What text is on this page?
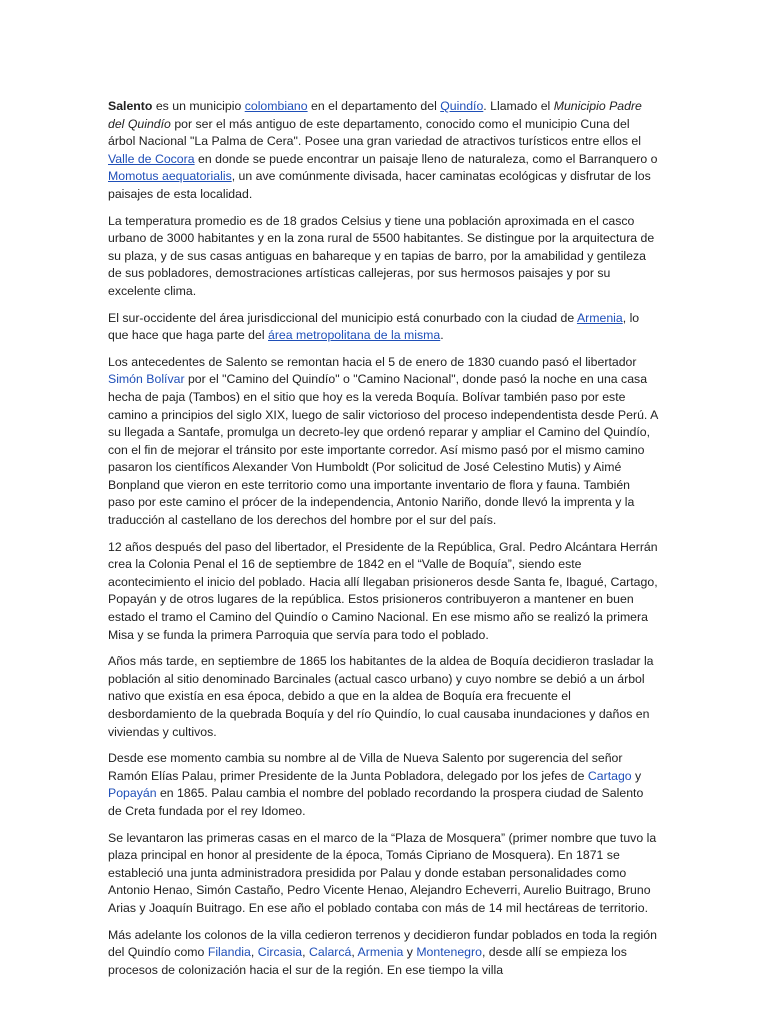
Salento es un municipio colombiano en el departamento del Quindío. Llamado el Municipio Padre del Quindío por ser el más antiguo de este departamento, conocido como el municipio Cuna del árbol Nacional "La Palma de Cera". Posee una gran variedad de atractivos turísticos entre ellos el Valle de Cocora en donde se puede encontrar un paisaje lleno de naturaleza, como el Barranquero o Momotus aequatorialis, un ave comúnmente divisada, hacer caminatas ecológicas y disfrutar de los paisajes de esta localidad.

La temperatura promedio es de 18 grados Celsius y tiene una población aproximada en el casco urbano de 3000 habitantes y en la zona rural de 5500 habitantes. Se distingue por la arquitectura de su plaza, y de sus casas antiguas en bahareque y en tapias de barro, por la amabilidad y gentileza de sus pobladores, demostraciones artísticas callejeras, por sus hermosos paisajes y por su excelente clima.

El sur-occidente del área jurisdiccional del municipio está conurbado con la ciudad de Armenia, lo que hace que haga parte del área metropolitana de la misma.

Los antecedentes de Salento se remontan hacia el 5 de enero de 1830 cuando pasó el libertador Simón Bolívar por el "Camino del Quindío" o "Camino Nacional", donde pasó la noche en una casa hecha de paja (Tambos) en el sitio que hoy es la vereda Boquía. Bolívar también paso por este camino a principios del siglo XIX, luego de salir victorioso del proceso independentista desde Perú. A su llegada a Santafe, promulga un decreto-ley que ordenó reparar y ampliar el Camino del Quindío, con el fin de mejorar el tránsito por este importante corredor. Así mismo pasó por el mismo camino pasaron los científicos Alexander Von Humboldt (Por solicitud de José Celestino Mutis) y Aimé Bonpland que vieron en este territorio como una importante inventario de flora y fauna. También paso por este camino el prócer de la independencia, Antonio Nariño, donde llevó la imprenta y la traducción al castellano de los derechos del hombre por el sur del país.

12 años después del paso del libertador, el Presidente de la República, Gral. Pedro Alcántara Herrán crea la Colonia Penal el 16 de septiembre de 1842 en el “Valle de Boquía”, siendo este acontecimiento el inicio del poblado. Hacia allí llegaban prisioneros desde Santa fe, Ibagué, Cartago, Popayán y de otros lugares de la república. Estos prisioneros contribuyeron a mantener en buen estado el tramo el Camino del Quindío o Camino Nacional. En ese mismo año se realizó la primera Misa y se funda la primera Parroquia que servía para todo el poblado.

Años más tarde, en septiembre de 1865 los habitantes de la aldea de Boquía decidieron trasladar la población al sitio denominado Barcinales (actual casco urbano) y cuyo nombre se debió a un árbol nativo que existía en esa época, debido a que en la aldea de Boquía era frecuente el desbordamiento de la quebrada Boquía y del río Quindío, lo cual causaba inundaciones y daños en viviendas y cultivos.

Desde ese momento cambia su nombre al de Villa de Nueva Salento por sugerencia del señor Ramón Elías Palau, primer Presidente de la Junta Pobladora, delegado por los jefes de Cartago y Popayán en 1865. Palau cambia el nombre del poblado recordando la prospera ciudad de Salento de Creta fundada por el rey Idomeo.

Se levantaron las primeras casas en el marco de la “Plaza de Mosquera” (primer nombre que tuvo la plaza principal en honor al presidente de la época, Tomás Cipriano de Mosquera). En 1871 se estableció una junta administradora presidida por Palau y donde estaban personalidades como Antonio Henao, Simón Castaño, Pedro Vicente Henao, Alejandro Echeverri, Aurelio Buitrago, Bruno Arias y Joaquín Buitrago. En ese año el poblado contaba con más de 14 mil hectáreas de territorio.

Más adelante los colonos de la villa cedieron terrenos y decidieron fundar poblados en toda la región del Quindío como Filandia, Circasia, Calarcá, Armenia y Montenegro, desde allí se empieza los procesos de colonización hacia el sur de la región. En ese tiempo la villa
